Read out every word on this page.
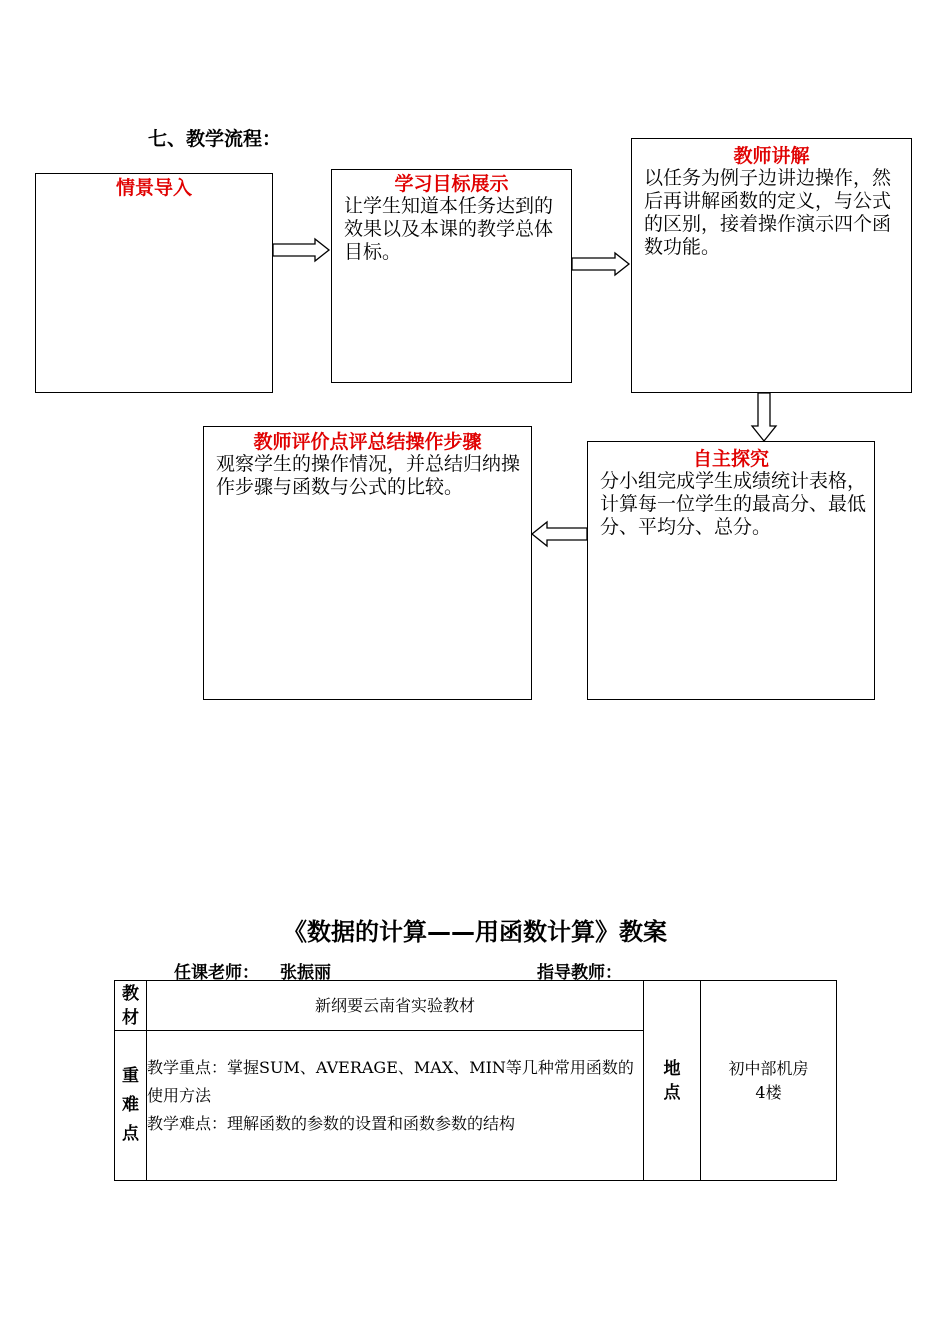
七、教学流程：
情景导入	学习目标展示
让学生知道本任务达到的效果以及本课的教学总体目标。
教师讲解
以任务为例子边讲边操作，然后再讲解函数的定义，与公式的区别，接着操作演示四个函数功能。
自主探究
分小组完成学生成绩统计表格，计算每一位学生的最高分、最低分、平均分、总分。
教师评价点评总结操作步骤
观察学生的操作情况，并总结归纳操作步骤与函数与公式的比较。
《数据的计算——用函数计算》教案
任课老师： 张振丽	指导教师：
教材	新纲要云南省实验教材	地点	初中部机房
4楼

重难点	教学重点：掌握SUM、AVERAGE、MAX、MIN等几种常用函数的使用方法
教学难点：理解函数的参数的设置和函数参数的结构		
